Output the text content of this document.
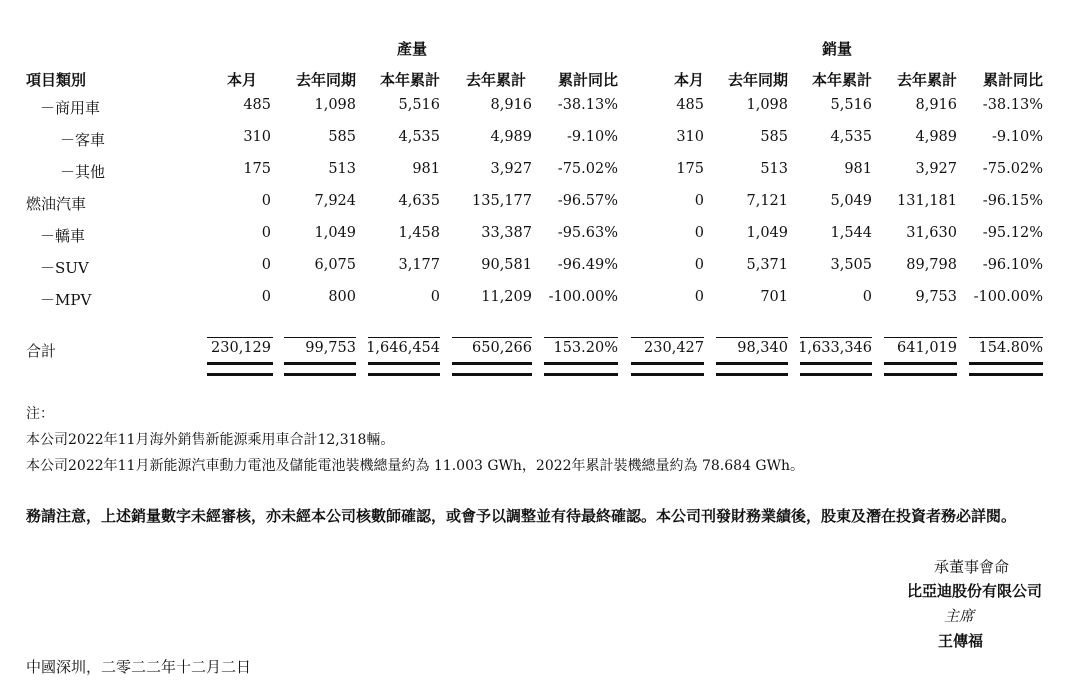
產量	銷量
項目類別	本月	去年同期 本年累計 去年累計 累計同比	本月 去年同期 本年累計 去年累計 累計同比
－商用車	485	1,098	5,516	8,916 -38.13%	485	1,098	5,516	8,916 -38.13%
－客車	310	585	4,535	4,989 -9.10%	310	585	4,535	4,989 -9.10%
－其他	175	513	981	3,927 -75.02%	175	513	981	3,927 -75.02%
燃油汽車	0	7,924	4,635 135,177 -96.57%	0	7,121	5,049 131,181 -96.15%
－轎車	0	1,049	1,458	33,387 -95.63%	0	1,049	1,544 31,630 -95.12%
－SUV	0	6,075	3,177	90,581 -96.49%	0	5,371	3,505 89,798 -96.10%
－MPV	0	800	0	11,209 -100.00%	0	701	0	9,753 -100.00%
合計	230,129 99,753 1,646,454 650,266 153.20% 230,427 98,340 1,633,346 641,019 154.80%
注：
本公司2022年11月海外銷售新能源乘用車合計12,318輛。
本公司2022年11月新能源汽車動力電池及儲能電池裝機總量約為 11.003 GWh，2022年累計裝機總量約為 78.684 GWh。
務請注意，上述銷量數字未經審核，亦未經本公司核數師確認，或會予以調整並有待最終確認。本公司刊發財務業績後，股東及潛在投資者務必詳閱。
承董事會命
比亞迪股份有限公司
主席
王傳福
中國深圳，二零二二年十二月二日
